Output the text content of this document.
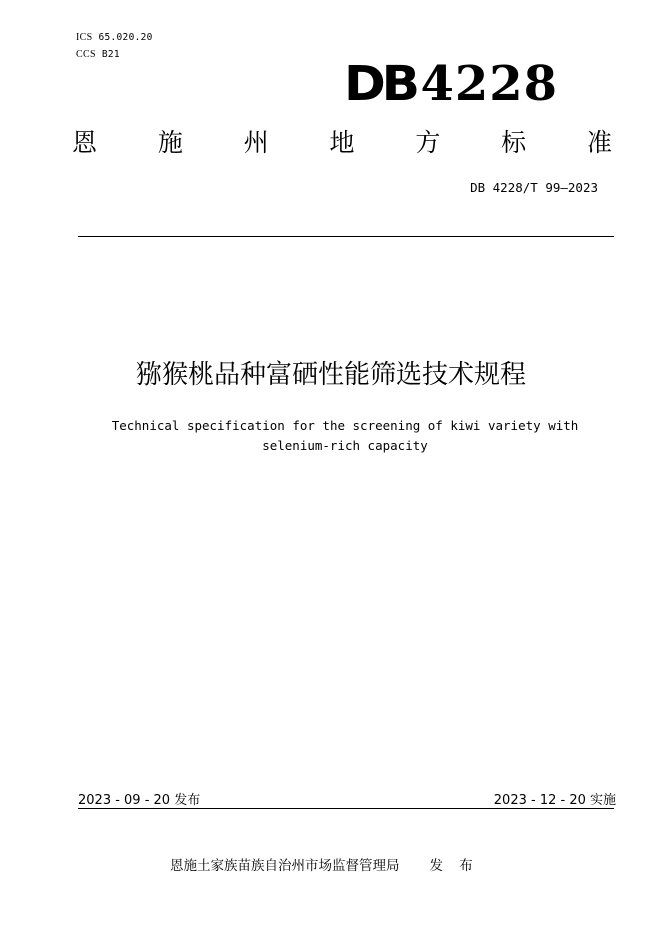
ICS 65.020.20
CCS B21
DB 4228
恩 施 州 地 方 标 准
DB 4228/T 99—2023
猕猴桃品种富硒性能筛选技术规程
Technical specification for the screening of kiwi variety with
selenium-rich capacity
2023 - 09 - 20 发布	2023 - 12 - 20 实施
恩施土家族苗族自治州市场监督管理局 发 布
